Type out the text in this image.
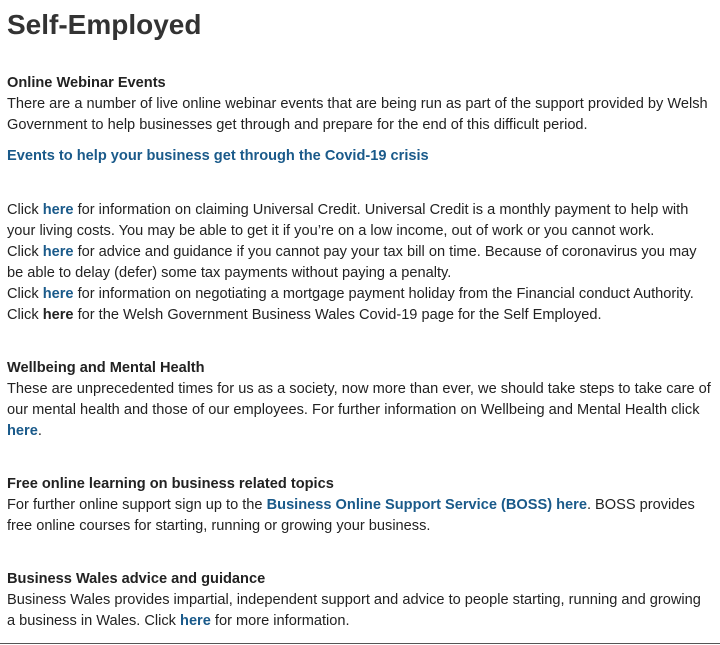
Self-Employed
Online Webinar Events

There are a number of live online webinar events that are being run as part of the support provided by Welsh Government to help businesses get through and prepare for the end of this difficult period.

Events to help your business get through the Covid-19 crisis

Click here for information on claiming Universal Credit. Universal Credit is a monthly payment to help with your living costs. You may be able to get it if you’re on a low income, out of work or you cannot work.

Click here for advice and guidance if you cannot pay your tax bill on time. Because of coronavirus you may be able to delay (defer) some tax payments without paying a penalty.

Click here for information on negotiating a mortgage payment holiday from the Financial conduct Authority.

Click here for the Welsh Government Business Wales Covid-19 page for the Self Employed.

Wellbeing and Mental Health

These are unprecedented times for us as a society, now more than ever, we should take steps to take care of our mental health and those of our employees. For further information on Wellbeing and Mental Health click here.

Free online learning on business related topics

For further online support sign up to the Business Online Support Service (BOSS) here. BOSS provides free online courses for starting, running or growing your business.

Business Wales advice and guidance

Business Wales provides impartial, independent support and advice to people starting, running and growing a business in Wales. Click here for more information.
